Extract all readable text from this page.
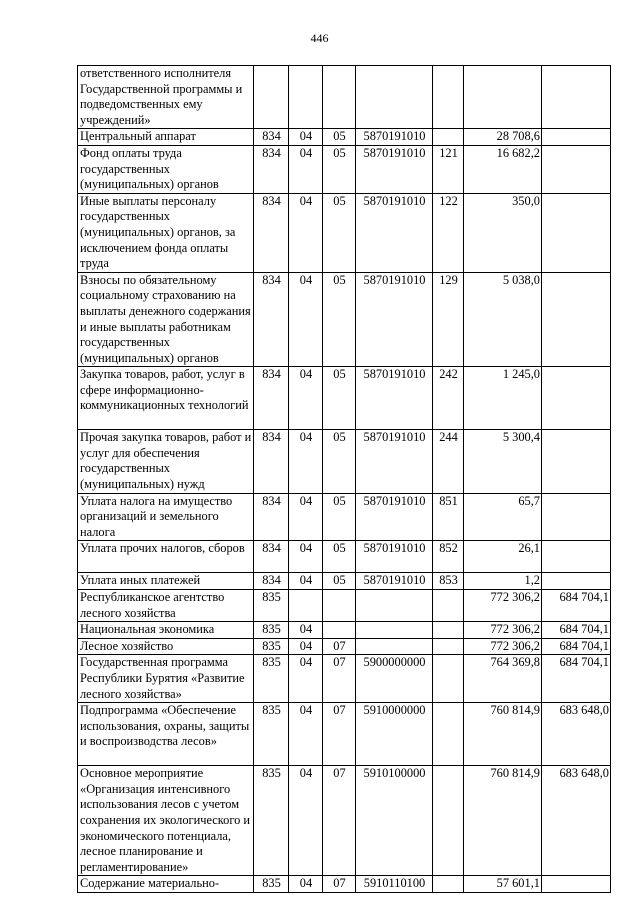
446
ответственного исполнителя Государственной программы и подведомственных ему учреждений»							
Центральный аппарат	834	04	05	5870191010		28 708,6	
Фонд оплаты труда государственных (муниципальных) органов	834	04	05	5870191010	121	16 682,2	
Иные выплаты персоналу государственных (муниципальных) органов, за исключением фонда оплаты труда	834	04	05	5870191010	122	350,0	
Взносы по обязательному социальному страхованию на выплаты денежного содержания и иные выплаты работникам государственных (муниципальных) органов	834	04	05	5870191010	129	5 038,0	
Закупка товаров, работ, услуг в сфере информационно-коммуникационных технологий	834	04	05	5870191010	242	1 245,0	
Прочая закупка товаров, работ и услуг для обеспечения государственных (муниципальных) нужд	834	04	05	5870191010	244	5 300,4	
Уплата налога на имущество организаций и земельного налога	834	04	05	5870191010	851	65,7	
Уплата прочих налогов, сборов	834	04	05	5870191010	852	26,1	
Уплата иных платежей	834	04	05	5870191010	853	1,2	
Республиканское агентство лесного хозяйства	835					772 306,2	684 704,1
Национальная экономика	835	04				772 306,2	684 704,1
Лесное хозяйство	835	04	07			772 306,2	684 704,1
Государственная программа Республики Бурятия «Развитие лесного хозяйства»	835	04	07	5900000000		764 369,8	684 704,1
Подпрограмма «Обеспечение использования, охраны, защиты и воспроизводства лесов»	835	04	07	5910000000		760 814,9	683 648,0
Основное мероприятие «Организация интенсивного использования лесов с учетом сохранения их экологического и экономического потенциала, лесное планирование и регламентирование»	835	04	07	5910100000		760 814,9	683 648,0
Содержание материально-	835	04	07	5910110100		57 601,1	
